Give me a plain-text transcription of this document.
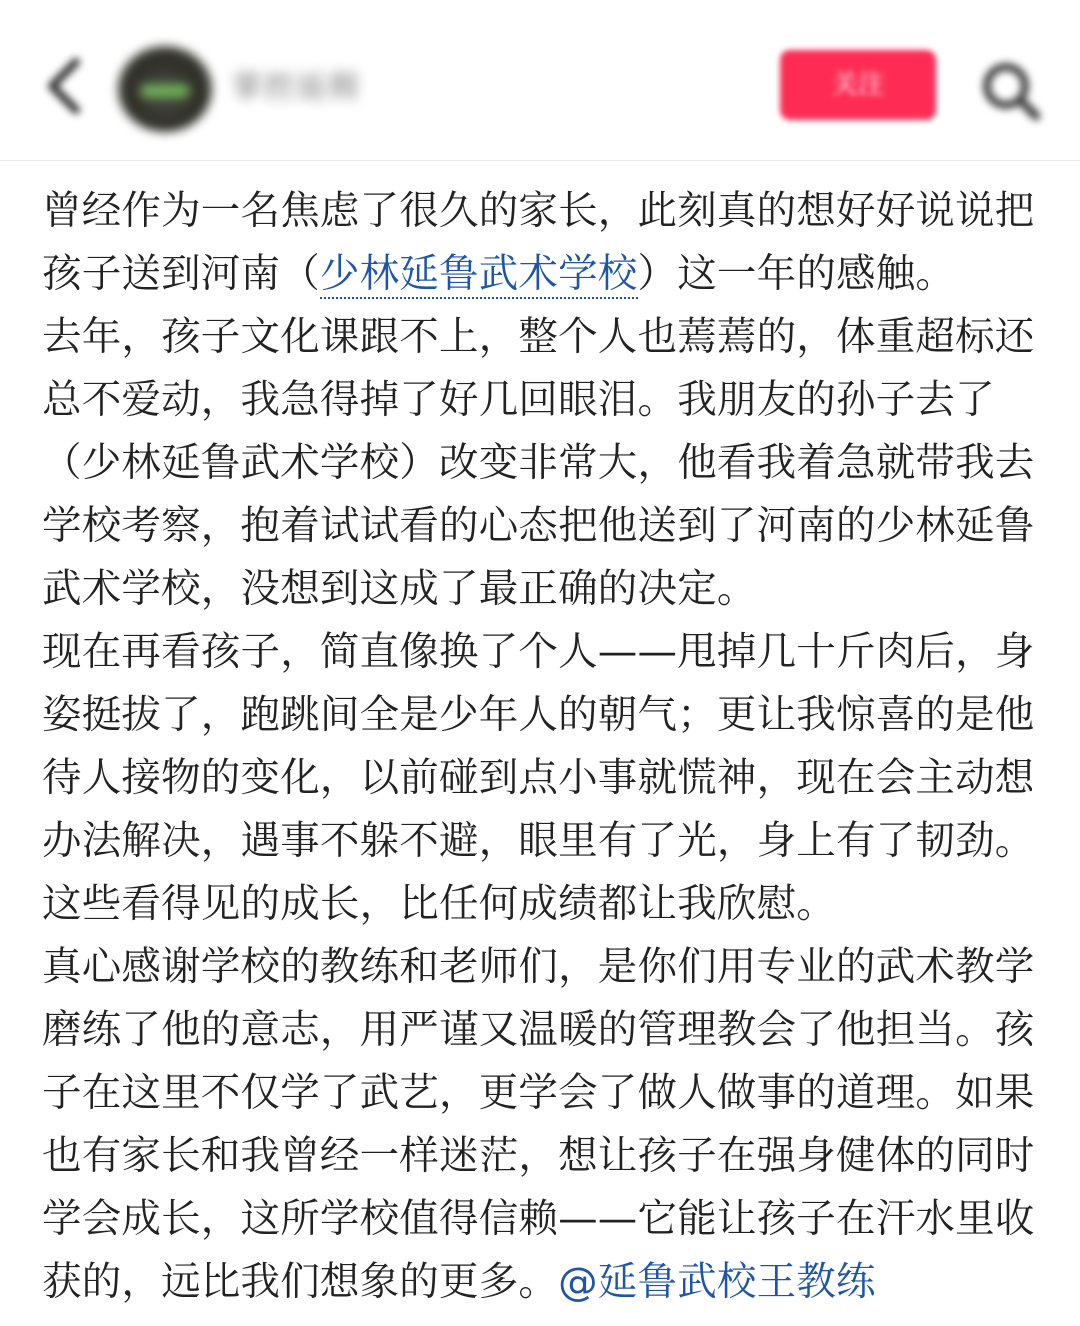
掌控返佣	关注

曾经作为一名焦虑了很久的家长，此刻真的想好好说说把孩子送到河南（少林延鲁武术学校）这一年的感触。

去年，孩子文化课跟不上，整个人也蔫蔫的，体重超标还总不爱动，我急得掉了好几回眼泪。我朋友的孙子去了（少林延鲁武术学校）改变非常大，他看我着急就带我去学校考察，抱着试试看的心态把他送到了河南的少林延鲁武术学校，没想到这成了最正确的决定。

现在再看孩子，简直像换了个人——甩掉几十斤肉后，身姿挺拔了，跑跳间全是少年人的朝气；更让我惊喜的是他待人接物的变化，以前碰到点小事就慌神，现在会主动想办法解决，遇事不躲不避，眼里有了光，身上有了韧劲。这些看得见的成长，比任何成绩都让我欣慰。

真心感谢学校的教练和老师们，是你们用专业的武术教学磨练了他的意志，用严谨又温暖的管理教会了他担当。孩子在这里不仅学了武艺，更学会了做人做事的道理。如果也有家长和我曾经一样迷茫，想让孩子在强身健体的同时学会成长，这所学校值得信赖——它能让孩子在汗水里收获的，远比我们想象的更多。@延鲁武校王教练
